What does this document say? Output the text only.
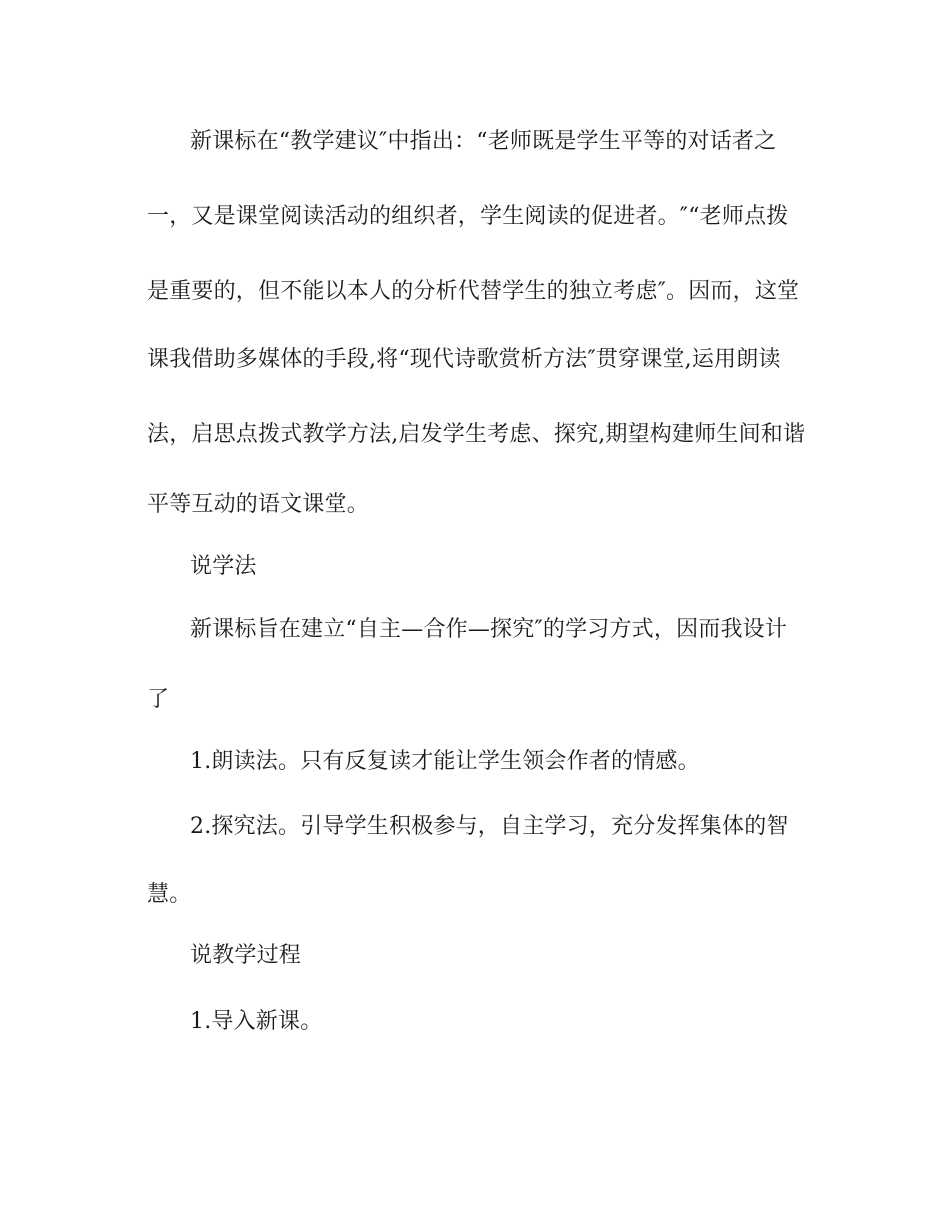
新课标在“教学建议″中指出：“老师既是学生平等的对话者之

一，又是课堂阅读活动的组织者，学生阅读的促进者。″“老师点拨

是重要的，但不能以本人的分析代替学生的独立考虑″。因而，这堂

课我借助多媒体的手段,将“现代诗歌赏析方法″贯穿课堂,运用朗读

法，启思点拨式教学方法,启发学生考虑、探究,期望构建师生间和谐

平等互动的语文课堂。

说学法

新课标旨在建立“自主—合作—探究″的学习方式，因而我设计

了

1.朗读法。只有反复读才能让学生领会作者的情感。

2.探究法。引导学生积极参与，自主学习，充分发挥集体的智

慧。

说教学过程

1.导入新课。
